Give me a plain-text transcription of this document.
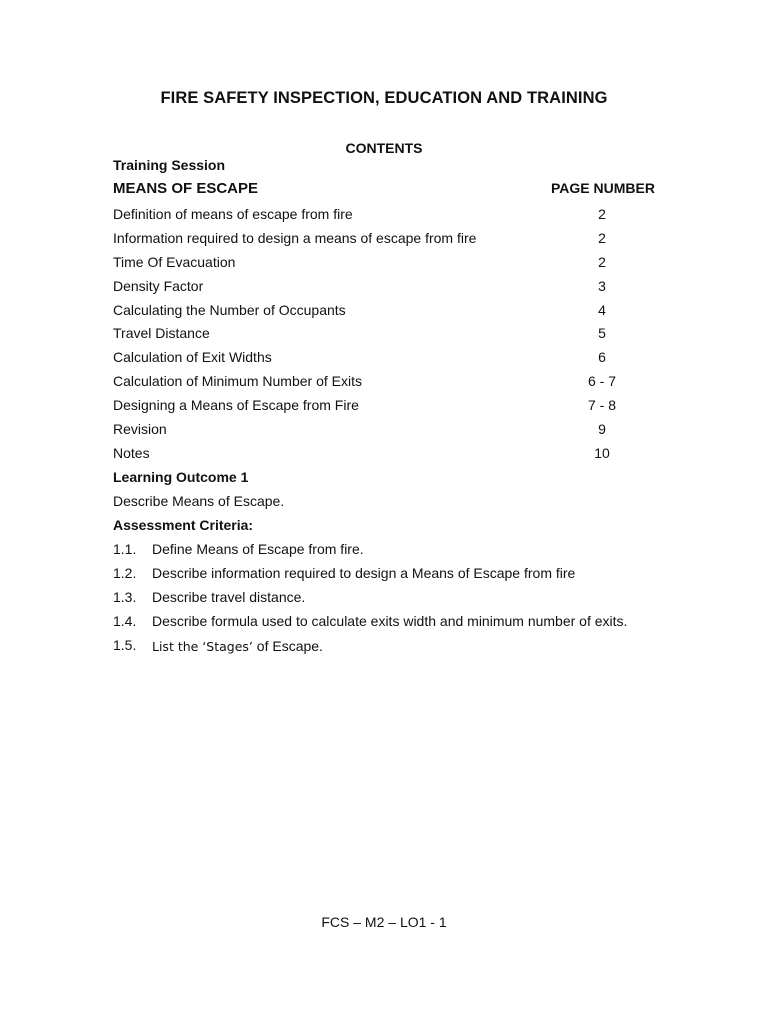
FIRE SAFETY INSPECTION, EDUCATION AND TRAINING
CONTENTS
Training Session
MEANS OF ESCAPE	PAGE NUMBER
Definition of means of escape from fire	2
Information required to design a means of escape from fire	2
Time Of Evacuation	2
Density Factor	3
Calculating the Number of Occupants	4
Travel Distance	5
Calculation of Exit Widths	6
Calculation of Minimum Number of Exits	6 - 7
Designing a Means of Escape from Fire	7 - 8
Revision	9
Notes	10
Learning Outcome 1
Describe Means of Escape.
Assessment Criteria:
1.1. Define Means of Escape from fire.
1.2. Describe information required to design a Means of Escape from fire
1.3. Describe travel distance.
1.4. Describe formula used to calculate exits width and minimum number of exits.
1.5. List the ‘Stages’ of Escape.
FCS – M2 – LO1 - 1
